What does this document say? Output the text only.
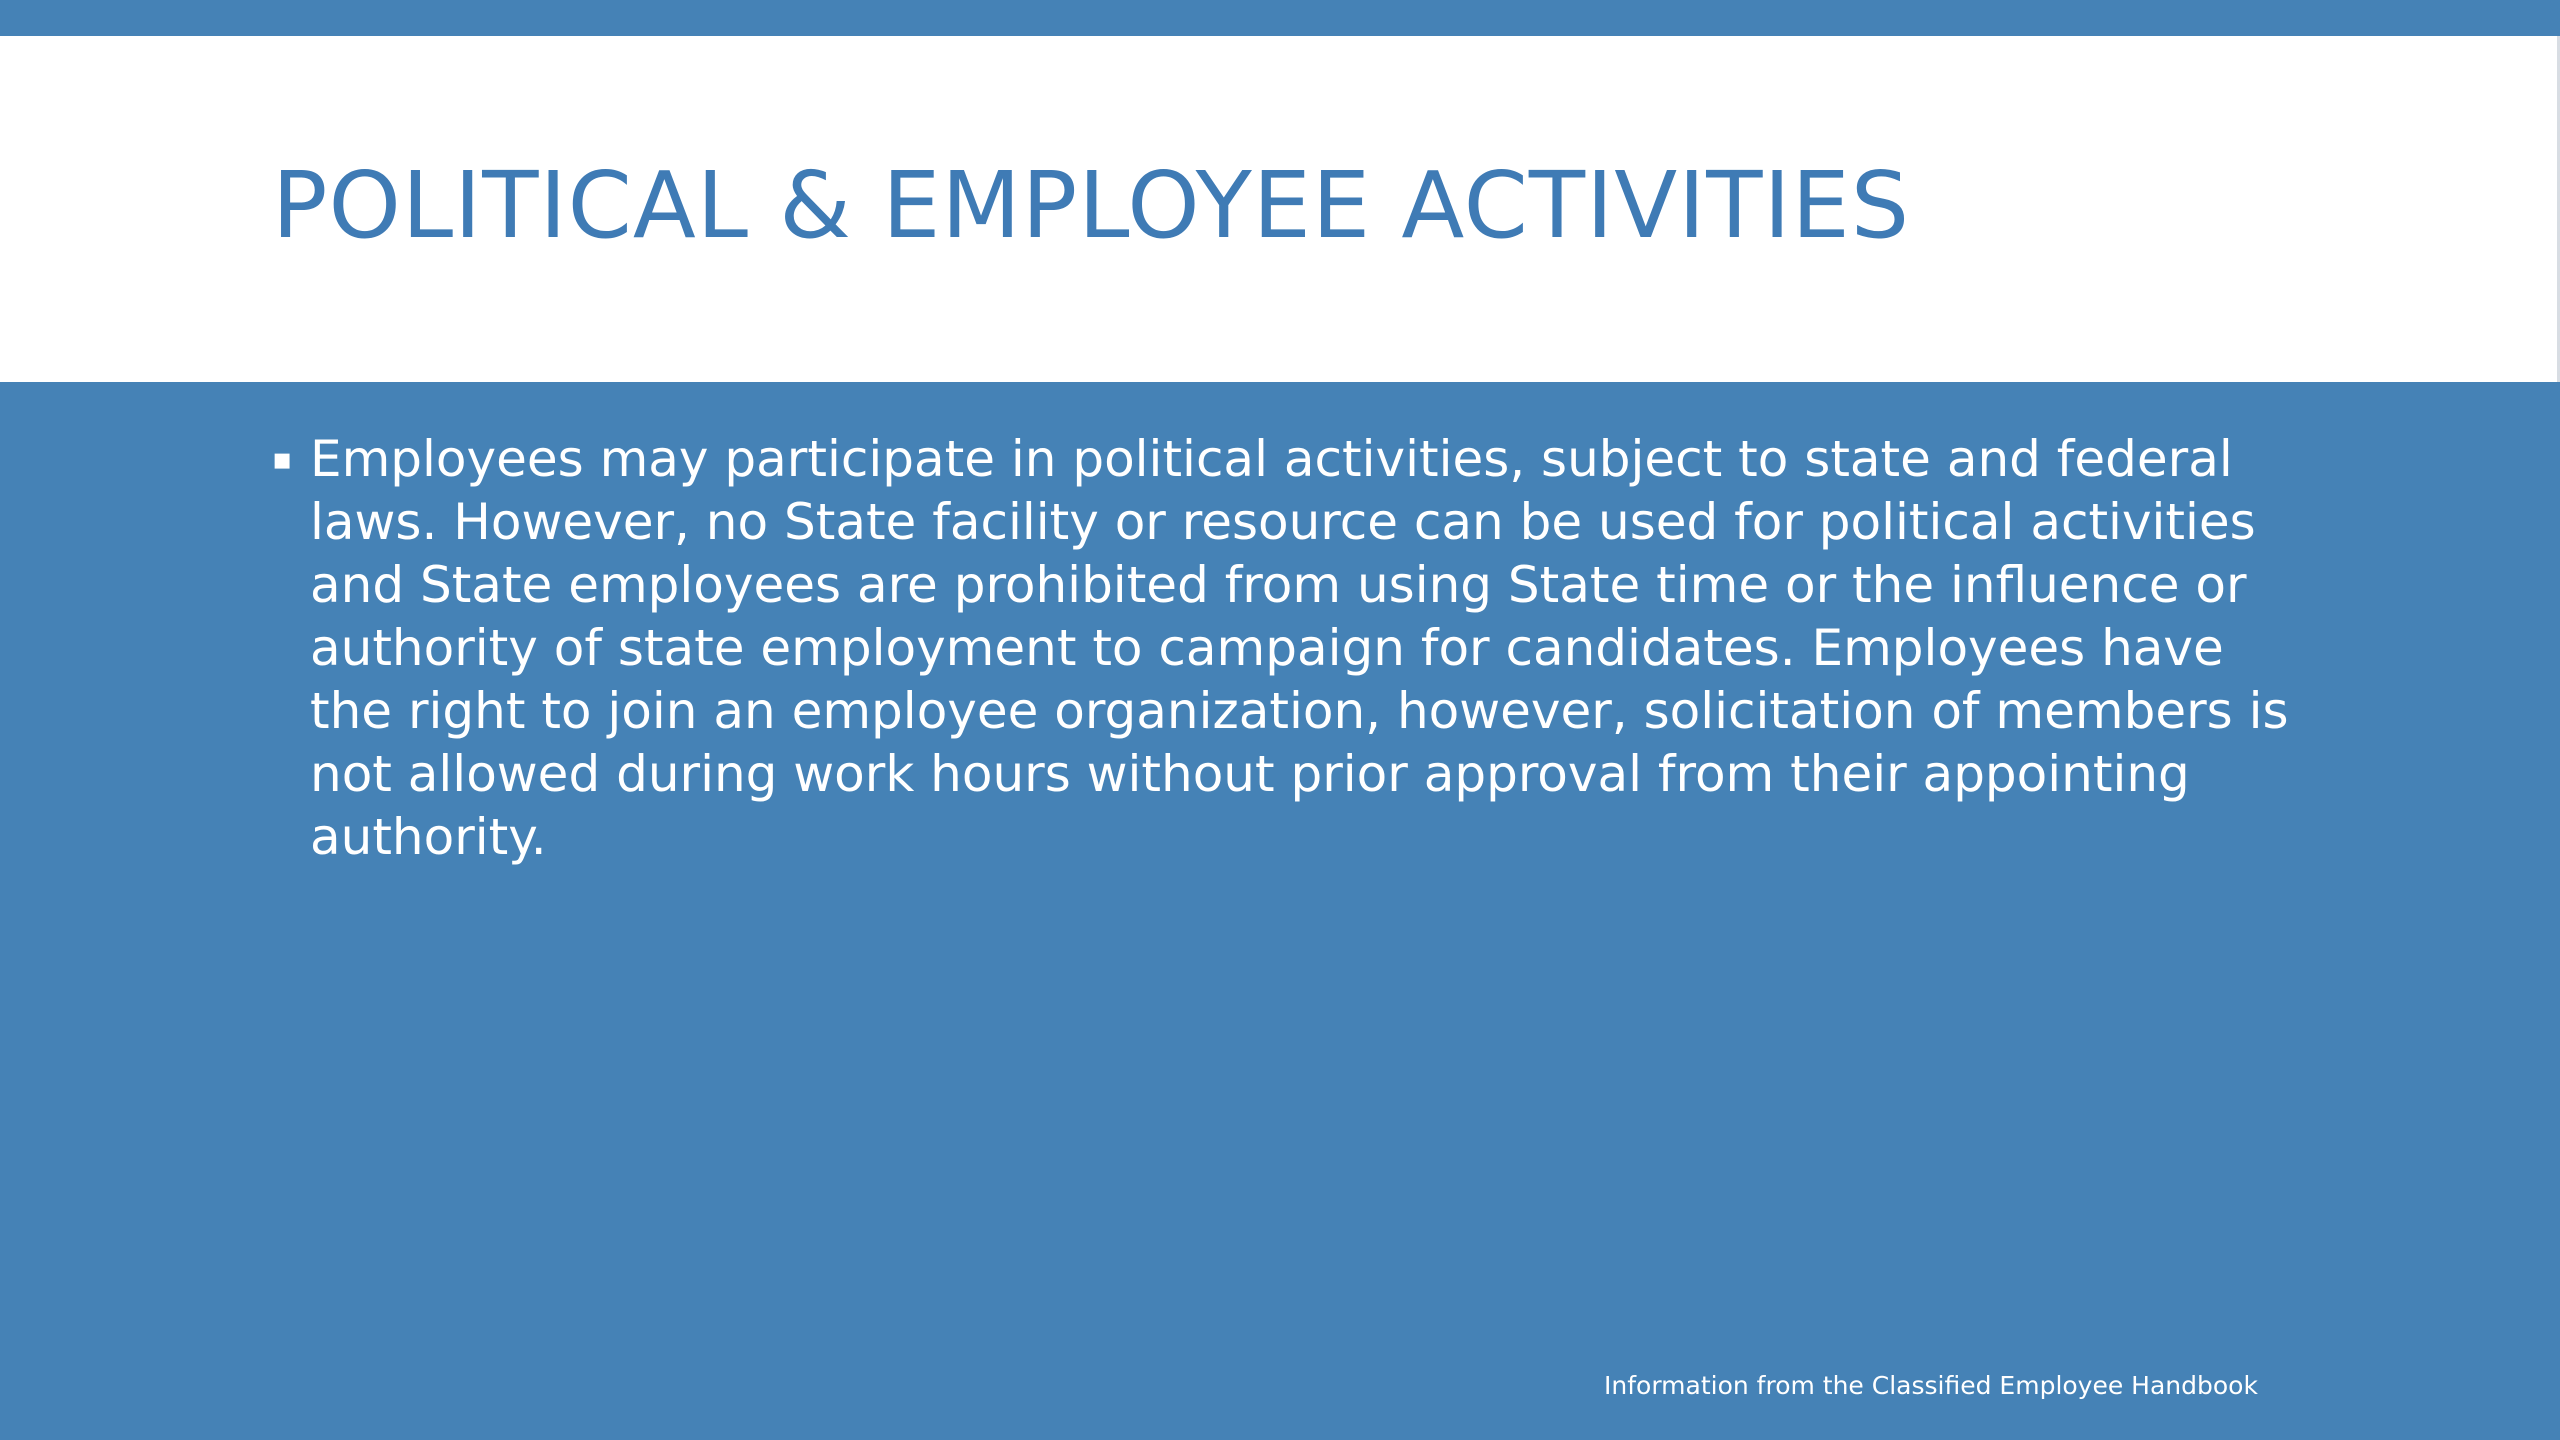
POLITICAL & EMPLOYEE ACTIVITIES
▪ Employees may participate in political activities, subject to state and federal laws. However, no State facility or resource can be used for political activities and State employees are prohibited from using State time or the influence or authority of state employment to campaign for candidates. Employees have the right to join an employee organization, however, solicitation of members is not allowed during work hours without prior approval from their appointing authority.
Information from the Classified Employee Handbook
